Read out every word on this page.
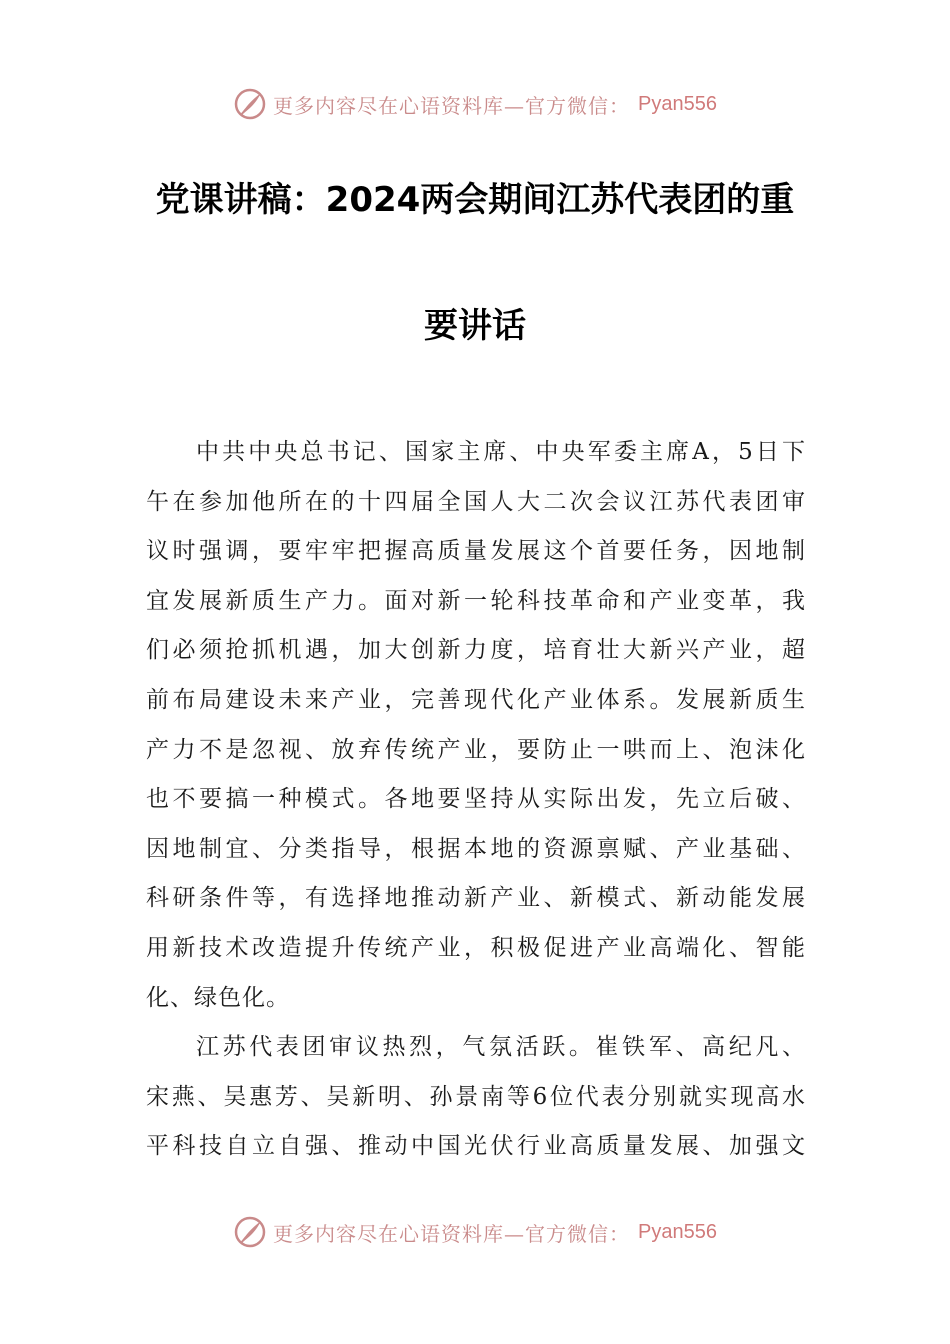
更多内容尽在心语资料库—官方微信： Pyan556
党课讲稿：2024两会期间江苏代表团的重
要讲话
中共中央总书记、国家主席、中央军委主席A，5日下
午在参加他所在的十四届全国人大二次会议江苏代表团审
议时强调，要牢牢把握高质量发展这个首要任务，因地制
宜发展新质生产力。面对新一轮科技革命和产业变革，我
们必须抢抓机遇，加大创新力度，培育壮大新兴产业，超
前布局建设未来产业，完善现代化产业体系。发展新质生
产力不是忽视、放弃传统产业，要防止一哄而上、泡沫化
也不要搞一种模式。各地要坚持从实际出发，先立后破、
因地制宜、分类指导，根据本地的资源禀赋、产业基础、
科研条件等，有选择地推动新产业、新模式、新动能发展
用新技术改造提升传统产业，积极促进产业高端化、智能
化、绿色化。
江苏代表团审议热烈，气氛活跃。崔铁军、高纪凡、
宋燕、吴惠芳、吴新明、孙景南等6位代表分别就实现高水
平科技自立自强、推动中国光伏行业高质量发展、加强文
更多内容尽在心语资料库—官方微信： Pyan556
